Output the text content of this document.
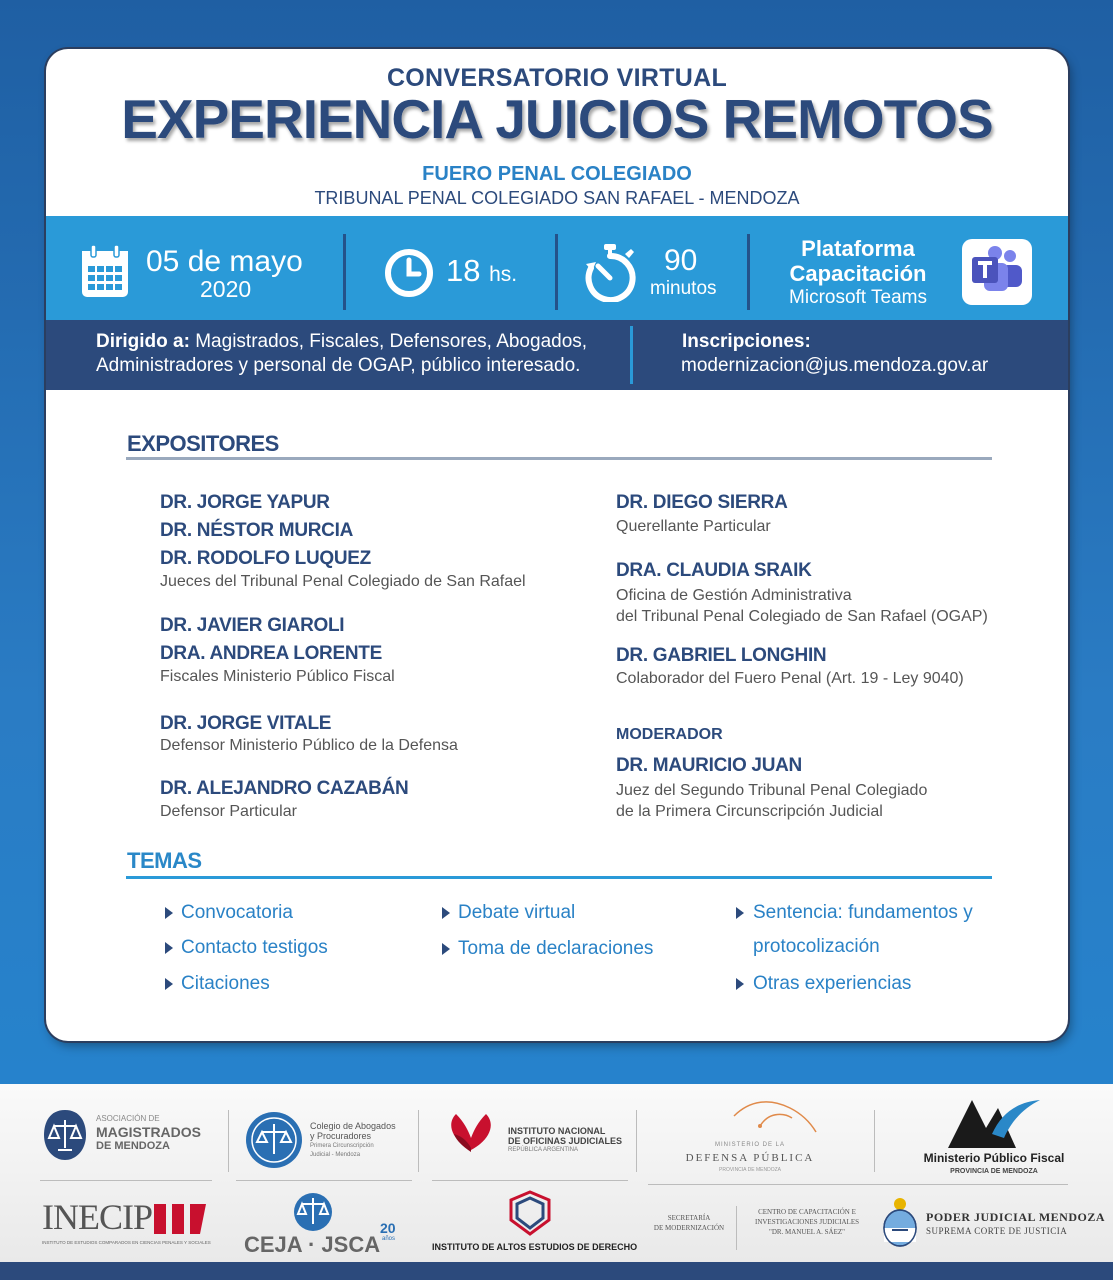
CONVERSATORIO VIRTUAL
EXPERIENCIA JUICIOS REMOTOS
FUERO PENAL COLEGIADO
TRIBUNAL PENAL COLEGIADO SAN RAFAEL - MENDOZA
05 de mayo
2020
18 hs.	90
minutos
Plataforma
Capacitación
Microsoft Teams
Dirigido a: Magistrados, Fiscales, Defensores, Abogados,
Administradores y personal de OGAP, público interesado.
Inscripciones:
modernizacion@jus.mendoza.gov.ar
EXPOSITORES
DR. JORGE YAPUR
DR. NÉSTOR MURCIA
DR. RODOLFO LUQUEZ
Jueces del Tribunal Penal Colegiado de San Rafael
DR. JAVIER GIAROLI
DRA. ANDREA LORENTE
Fiscales Ministerio Público Fiscal
DR. JORGE VITALE
Defensor Ministerio Público de la Defensa
DR. ALEJANDRO CAZABÁN
Defensor Particular
DR. DIEGO SIERRA
Querellante Particular
DRA. CLAUDIA SRAIK
Oficina de Gestión Administrativa
del Tribunal Penal Colegiado de San Rafael (OGAP)
DR. GABRIEL LONGHIN
Colaborador del Fuero Penal (Art. 19 - Ley 9040)
MODERADOR
DR. MAURICIO JUAN
Juez del Segundo Tribunal Penal Colegiado
de la Primera Circunscripción Judicial
TEMAS
Convocatoria
Contacto testigos
Citaciones
Debate virtual
Toma de declaraciones
Sentencia: fundamentos y
protocolización
Otras experiencias
ASOCIACIÓN DE
MAGISTRADOS
DE MENDOZA
Colegio de Abogados
y Procuradores
Primera Circunscripción
Judicial - Mendoza
INSTITUTO NACIONAL
DE OFICINAS JUDICIALES
REPÚBLICA ARGENTINA
MINISTERIO DE LA
DEFENSA PÚBLICA
PROVINCIA DE MENDOZA
Ministerio Público Fiscal
PROVINCIA DE MENDOZA
INECIP
INSTITUTO DE ESTUDIOS COMPARADOS EN CIENCIAS PENALES Y SOCIALES CEJA · JSCA
20
años
INSTITUTO DE ALTOS ESTUDIOS DE DERECHO
SECRETARÍA
DE MODERNIZACIÓN
CENTRO DE CAPACITACIÓN E
INVESTIGACIONES JUDICIALES
"DR. MANUEL A. SÁEZ"
PODER JUDICIAL MENDOZA
SUPREMA CORTE DE JUSTICIA
